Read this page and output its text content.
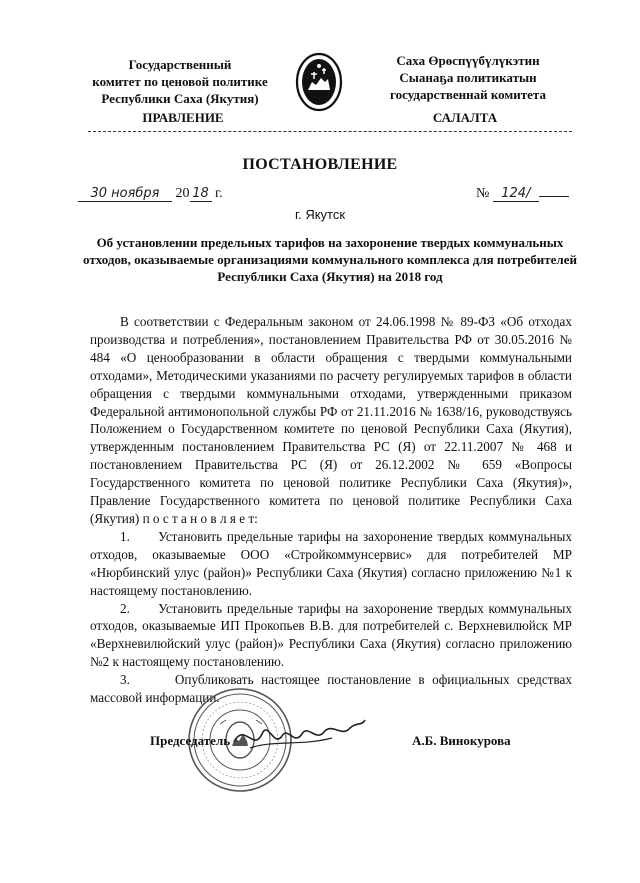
Государственный
комитет по ценовой политике
Республики Саха (Якутия)
Саха Өрөспүүбүлүкэтин
Сыанаҕа политикатын
государственнай комитета
ПРАВЛЕНИЕ	САЛАЛТА
ПОСТАНОВЛЕНИЕ
30 ноября 20 18 г.	№ 124/
г. Якутск
Об установлении предельных тарифов на захоронение твердых коммунальных отходов, оказываемые организациями коммунального комплекса для потребителей Республики Саха (Якутия) на 2018 год

В соответствии с Федеральным законом от 24.06.1998 № 89-ФЗ «Об отходах производства и потребления», постановлением Правительства РФ от 30.05.2016 № 484 «О ценообразовании в области обращения с твердыми коммунальными отходами», Методическими указаниями по расчету регулируемых тарифов в области обращения с твердыми коммунальными отходами, утвержденными приказом Федеральной антимонопольной службы РФ от 21.11.2016 № 1638/16, руководствуясь Положением о Государственном комитете по ценовой Республики Саха (Якутия), утвержденным постановлением Правительства РС (Я) от 22.11.2007 № 468 и постановлением Правительства РС (Я) от 26.12.2002 № 659 «Вопросы Государственного комитета по ценовой политике Республики Саха (Якутия)», Правление Государственного комитета по ценовой политике Республики Саха (Якутия) п о с т а н о в л я е т:

1.      Установить предельные тарифы на захоронение твердых коммунальных отходов, оказываемые ООО «Стройкоммунсервис» для потребителей МР «Нюрбинский улус (район)» Республики Саха (Якутия) согласно приложению №1 к настоящему постановлению.

2.      Установить предельные тарифы на захоронение твердых коммунальных отходов, оказываемые ИП Прокопьев В.В. для потребителей с. Верхневилюйск МР «Верхневилюйский улус (район)» Республики Саха (Якутия) согласно приложению №2 к настоящему постановлению.

3.      Опубликовать настоящее постановление в официальных средствах массовой информации.

Председатель	А.Б. Винокурова
